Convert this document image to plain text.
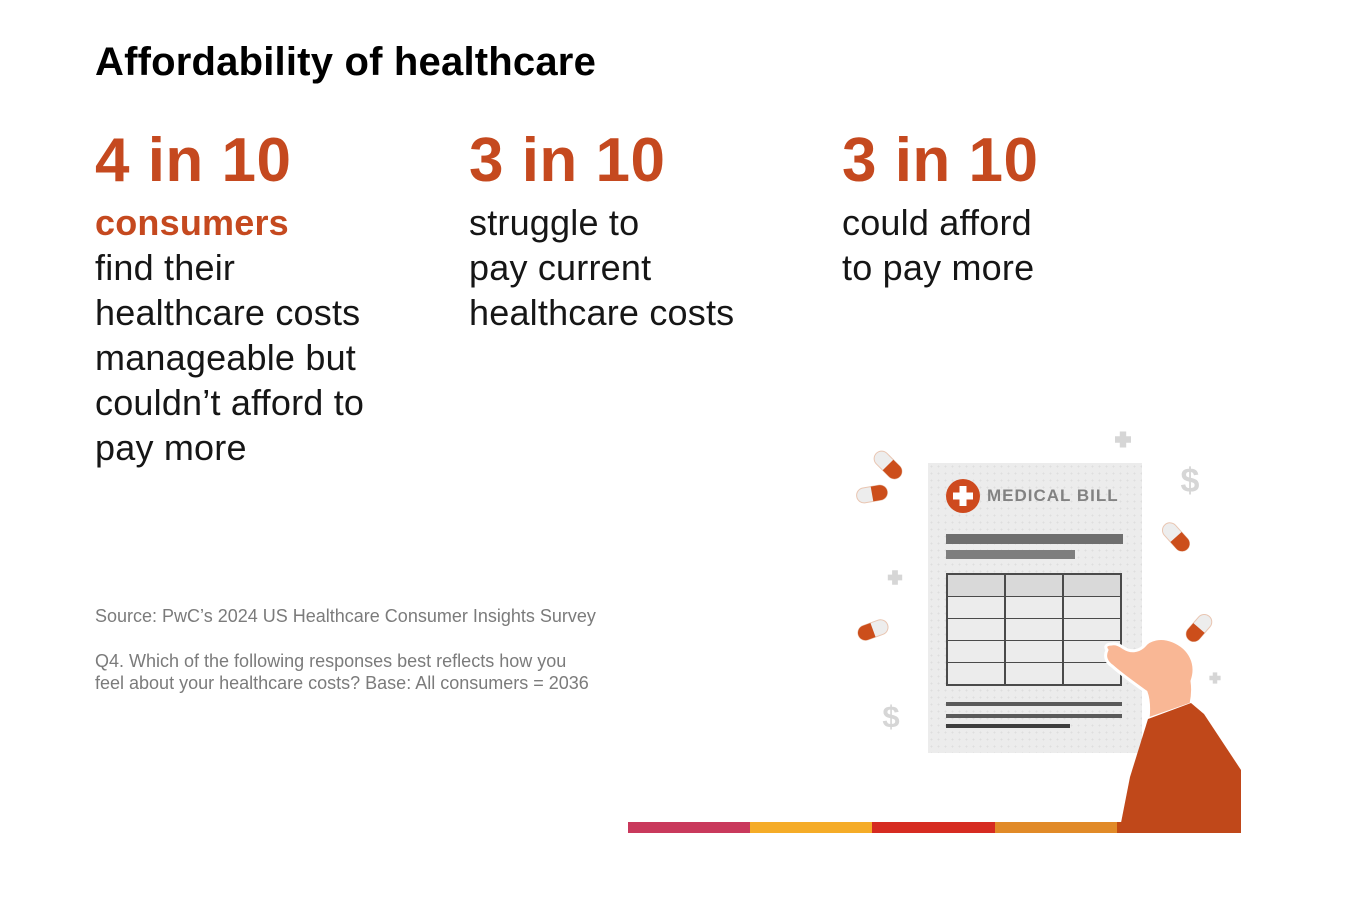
Affordability of healthcare
4 in 10
consumers
find their
healthcare costs
manageable but
couldn’t afford to
pay more
3 in 10
struggle to
pay current
healthcare costs
3 in 10
could afford
to pay more
Source: PwC’s 2024 US Healthcare Consumer Insights Survey
Q4. Which of the following responses best reflects how you
feel about your healthcare costs? Base: All consumers = 2036
MEDICAL BILL $
$
